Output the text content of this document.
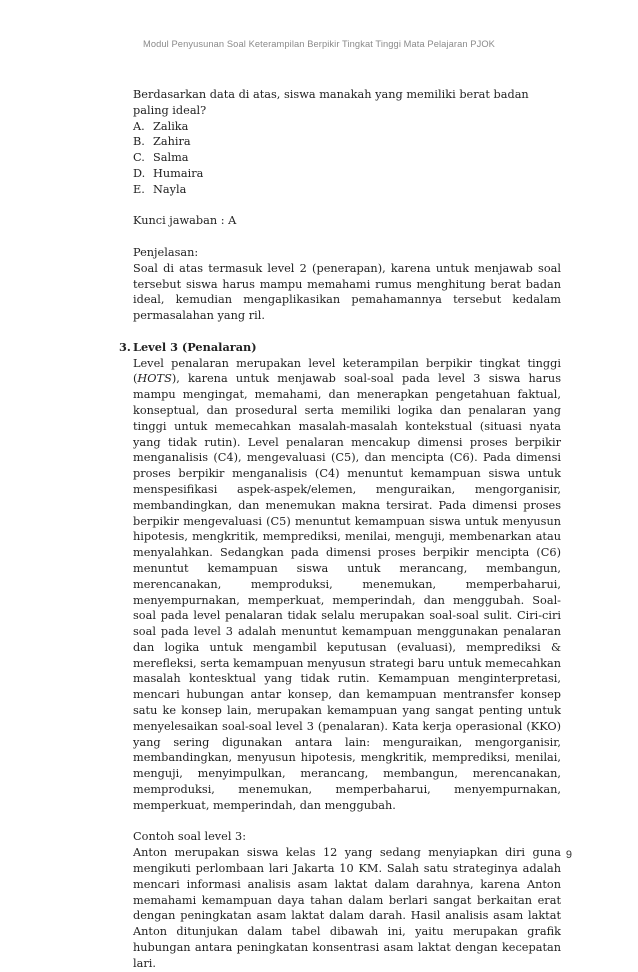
Modul Penyusunan Soal Keterampilan Berpikir Tingkat Tinggi Mata Pelajaran PJOK

Berdasarkan data di atas, siswa manakah yang memiliki berat badan paling ideal?

A. Zalika
B. Zahira
C. Salma
D. Humaira
E. Nayla

Kunci jawaban : A

Penjelasan:

Soal di atas termasuk level 2 (penerapan), karena untuk menjawab soal tersebut siswa harus mampu memahami rumus menghitung berat badan ideal, kemudian mengaplikasikan pemahamannya tersebut kedalam permasalahan yang ril.

3. Level 3 (Penalaran)

Level penalaran merupakan level keterampilan berpikir tingkat tinggi (HOTS), karena untuk menjawab soal-soal pada level 3 siswa harus mampu mengingat, memahami, dan menerapkan pengetahuan faktual, konseptual, dan prosedural serta memiliki logika dan penalaran yang tinggi untuk memecahkan masalah-masalah kontekstual (situasi nyata yang tidak rutin). Level penalaran mencakup dimensi proses berpikir menganalisis (C4), mengevaluasi (C5), dan mencipta (C6). Pada dimensi proses berpikir menganalisis (C4) menuntut kemampuan siswa untuk menspesifikasi aspek-aspek/elemen, menguraikan, mengorganisir, membandingkan, dan menemukan makna tersirat. Pada dimensi proses berpikir mengevaluasi (C5) menuntut kemampuan siswa untuk menyusun hipotesis, mengkritik, memprediksi, menilai, menguji, membenarkan atau menyalahkan. Sedangkan pada dimensi proses berpikir mencipta (C6) menuntut kemampuan siswa untuk merancang, membangun, merencanakan, memproduksi, menemukan, memperbaharui, menyempurnakan, memperkuat, memperindah, dan menggubah. Soal-soal pada level penalaran tidak selalu merupakan soal-soal sulit. Ciri-ciri soal pada level 3 adalah menuntut kemampuan menggunakan penalaran dan logika untuk mengambil keputusan (evaluasi), memprediksi & merefleksi, serta kemampuan menyusun strategi baru untuk memecahkan masalah kontesktual yang tidak rutin. Kemampuan menginterpretasi, mencari hubungan antar konsep, dan kemampuan mentransfer konsep satu ke konsep lain, merupakan kemampuan yang sangat penting untuk menyelesaikan soal-soal level 3 (penalaran). Kata kerja operasional (KKO) yang sering digunakan antara lain: menguraikan, mengorganisir, membandingkan, menyusun hipotesis, mengkritik, memprediksi, menilai, menguji, menyimpulkan, merancang, membangun, merencanakan, memproduksi, menemukan, memperbaharui, menyempurnakan, memperkuat, memperindah, dan menggubah.

Contoh soal level 3:

Anton merupakan siswa kelas 12 yang sedang menyiapkan diri guna mengikuti perlombaan lari Jakarta 10 KM. Salah satu strateginya adalah mencari informasi analisis asam laktat dalam darahnya, karena Anton memahami kemampuan daya tahan dalam berlari sangat berkaitan erat dengan peningkatan asam laktat dalam darah. Hasil analisis asam laktat Anton ditunjukan dalam tabel dibawah ini, yaitu merupakan grafik hubungan antara peningkatan konsentrasi asam laktat dengan kecepatan lari.

9
